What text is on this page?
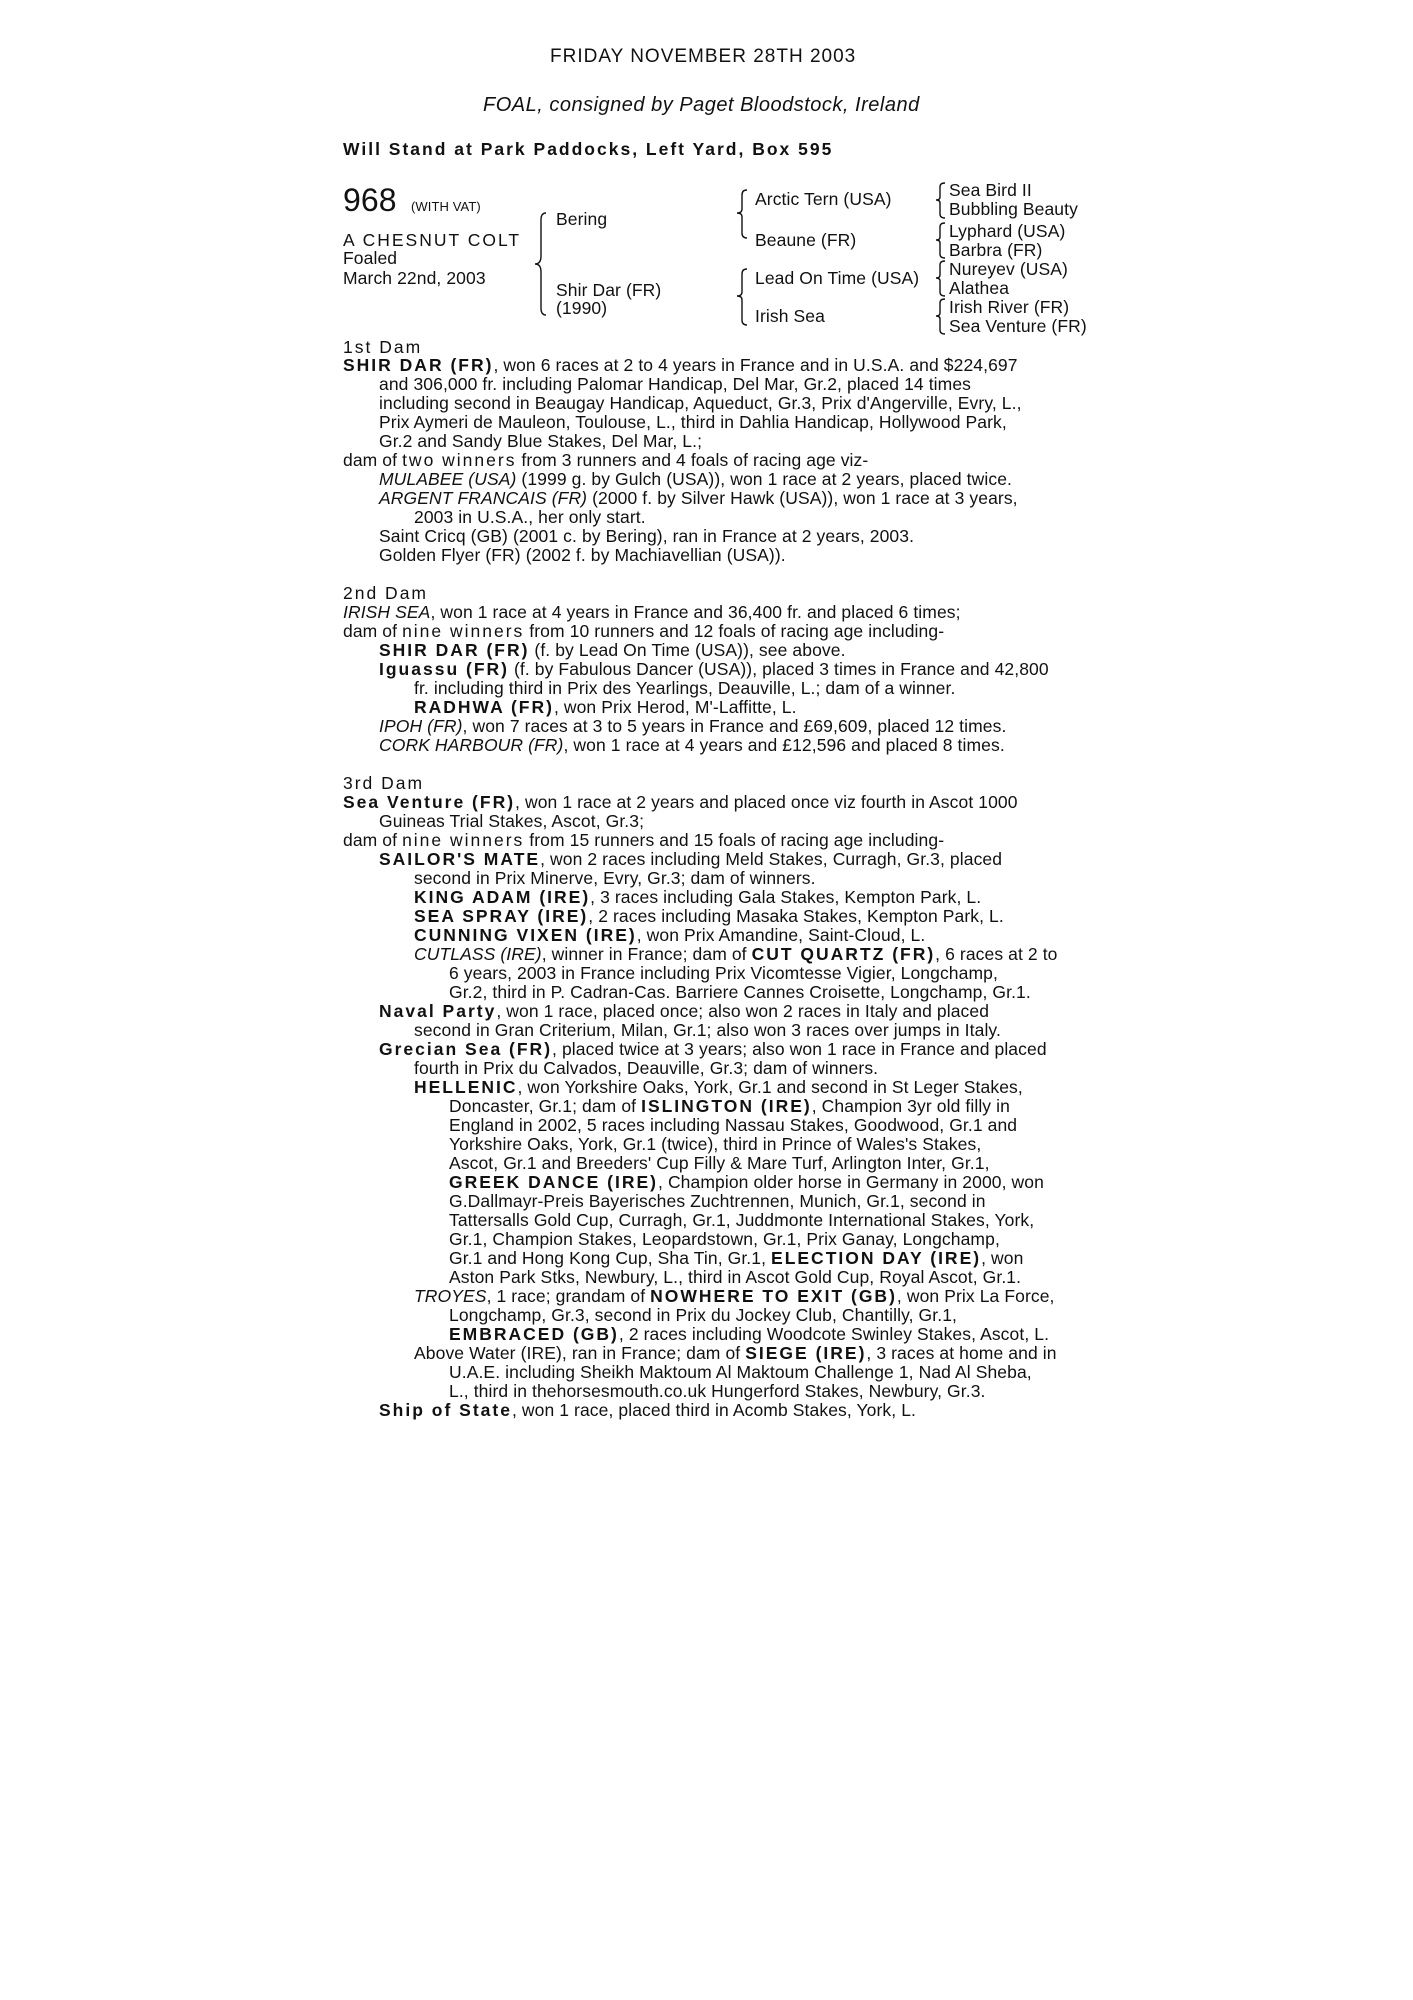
FRIDAY NOVEMBER 28TH 2003
FOAL, consigned by Paget Bloodstock, Ireland
Will Stand at Park Paddocks, Left Yard, Box 595
968 (WITH VAT)
A CHESNUT COLT
Foaled
March 22nd, 2003
Bering
Shir Dar (FR)
(1990)
Arctic Tern (USA)
Beaune (FR)
Lead On Time (USA)
Irish Sea
Sea Bird II
Bubbling Beauty
Lyphard (USA)
Barbra (FR)
Nureyev (USA)
Alathea
Irish River (FR)
Sea Venture (FR)
1st Dam
SHIR DAR (FR), won 6 races at 2 to 4 years in France and in U.S.A. and $224,697
and 306,000 fr. including Palomar Handicap, Del Mar, Gr.2, placed 14 times
including second in Beaugay Handicap, Aqueduct, Gr.3, Prix d'Angerville, Evry, L.,
Prix Aymeri de Mauleon, Toulouse, L., third in Dahlia Handicap, Hollywood Park,
Gr.2 and Sandy Blue Stakes, Del Mar, L.;
dam of two winners from 3 runners and 4 foals of racing age viz-
MULABEE (USA) (1999 g. by Gulch (USA)), won 1 race at 2 years, placed twice.
ARGENT FRANCAIS (FR) (2000 f. by Silver Hawk (USA)), won 1 race at 3 years,
2003 in U.S.A., her only start.
Saint Cricq (GB) (2001 c. by Bering), ran in France at 2 years, 2003.
Golden Flyer (FR) (2002 f. by Machiavellian (USA)).
2nd Dam
IRISH SEA, won 1 race at 4 years in France and 36,400 fr. and placed 6 times;
dam of nine winners from 10 runners and 12 foals of racing age including-
SHIR DAR (FR) (f. by Lead On Time (USA)), see above.
Iguassu (FR) (f. by Fabulous Dancer (USA)), placed 3 times in France and 42,800
fr. including third in Prix des Yearlings, Deauville, L.; dam of a winner.
RADHWA (FR), won Prix Herod, M'-Laffitte, L.
IPOH (FR), won 7 races at 3 to 5 years in France and £69,609, placed 12 times.
CORK HARBOUR (FR), won 1 race at 4 years and £12,596 and placed 8 times.
3rd Dam
Sea Venture (FR), won 1 race at 2 years and placed once viz fourth in Ascot 1000
Guineas Trial Stakes, Ascot, Gr.3;
dam of nine winners from 15 runners and 15 foals of racing age including-
SAILOR'S MATE, won 2 races including Meld Stakes, Curragh, Gr.3, placed
second in Prix Minerve, Evry, Gr.3; dam of winners.
KING ADAM (IRE), 3 races including Gala Stakes, Kempton Park, L.
SEA SPRAY (IRE), 2 races including Masaka Stakes, Kempton Park, L.
CUNNING VIXEN (IRE), won Prix Amandine, Saint-Cloud, L.
CUTLASS (IRE), winner in France; dam of CUT QUARTZ (FR), 6 races at 2 to
6 years, 2003 in France including Prix Vicomtesse Vigier, Longchamp,
Gr.2, third in P. Cadran-Cas. Barriere Cannes Croisette, Longchamp, Gr.1.
Naval Party, won 1 race, placed once; also won 2 races in Italy and placed
second in Gran Criterium, Milan, Gr.1; also won 3 races over jumps in Italy.
Grecian Sea (FR), placed twice at 3 years; also won 1 race in France and placed
fourth in Prix du Calvados, Deauville, Gr.3; dam of winners.
HELLENIC, won Yorkshire Oaks, York, Gr.1 and second in St Leger Stakes,
Doncaster, Gr.1; dam of ISLINGTON (IRE), Champion 3yr old filly in
England in 2002, 5 races including Nassau Stakes, Goodwood, Gr.1 and
Yorkshire Oaks, York, Gr.1 (twice), third in Prince of Wales's Stakes,
Ascot, Gr.1 and Breeders' Cup Filly & Mare Turf, Arlington Inter, Gr.1,
GREEK DANCE (IRE), Champion older horse in Germany in 2000, won
G.Dallmayr-Preis Bayerisches Zuchtrennen, Munich, Gr.1, second in
Tattersalls Gold Cup, Curragh, Gr.1, Juddmonte International Stakes, York,
Gr.1, Champion Stakes, Leopardstown, Gr.1, Prix Ganay, Longchamp,
Gr.1 and Hong Kong Cup, Sha Tin, Gr.1, ELECTION DAY (IRE), won
Aston Park Stks, Newbury, L., third in Ascot Gold Cup, Royal Ascot, Gr.1.
TROYES, 1 race; grandam of NOWHERE TO EXIT (GB), won Prix La Force,
Longchamp, Gr.3, second in Prix du Jockey Club, Chantilly, Gr.1,
EMBRACED (GB), 2 races including Woodcote Swinley Stakes, Ascot, L.
Above Water (IRE), ran in France; dam of SIEGE (IRE), 3 races at home and in
U.A.E. including Sheikh Maktoum Al Maktoum Challenge 1, Nad Al Sheba,
L., third in thehorsesmouth.co.uk Hungerford Stakes, Newbury, Gr.3.
Ship of State, won 1 race, placed third in Acomb Stakes, York, L.
